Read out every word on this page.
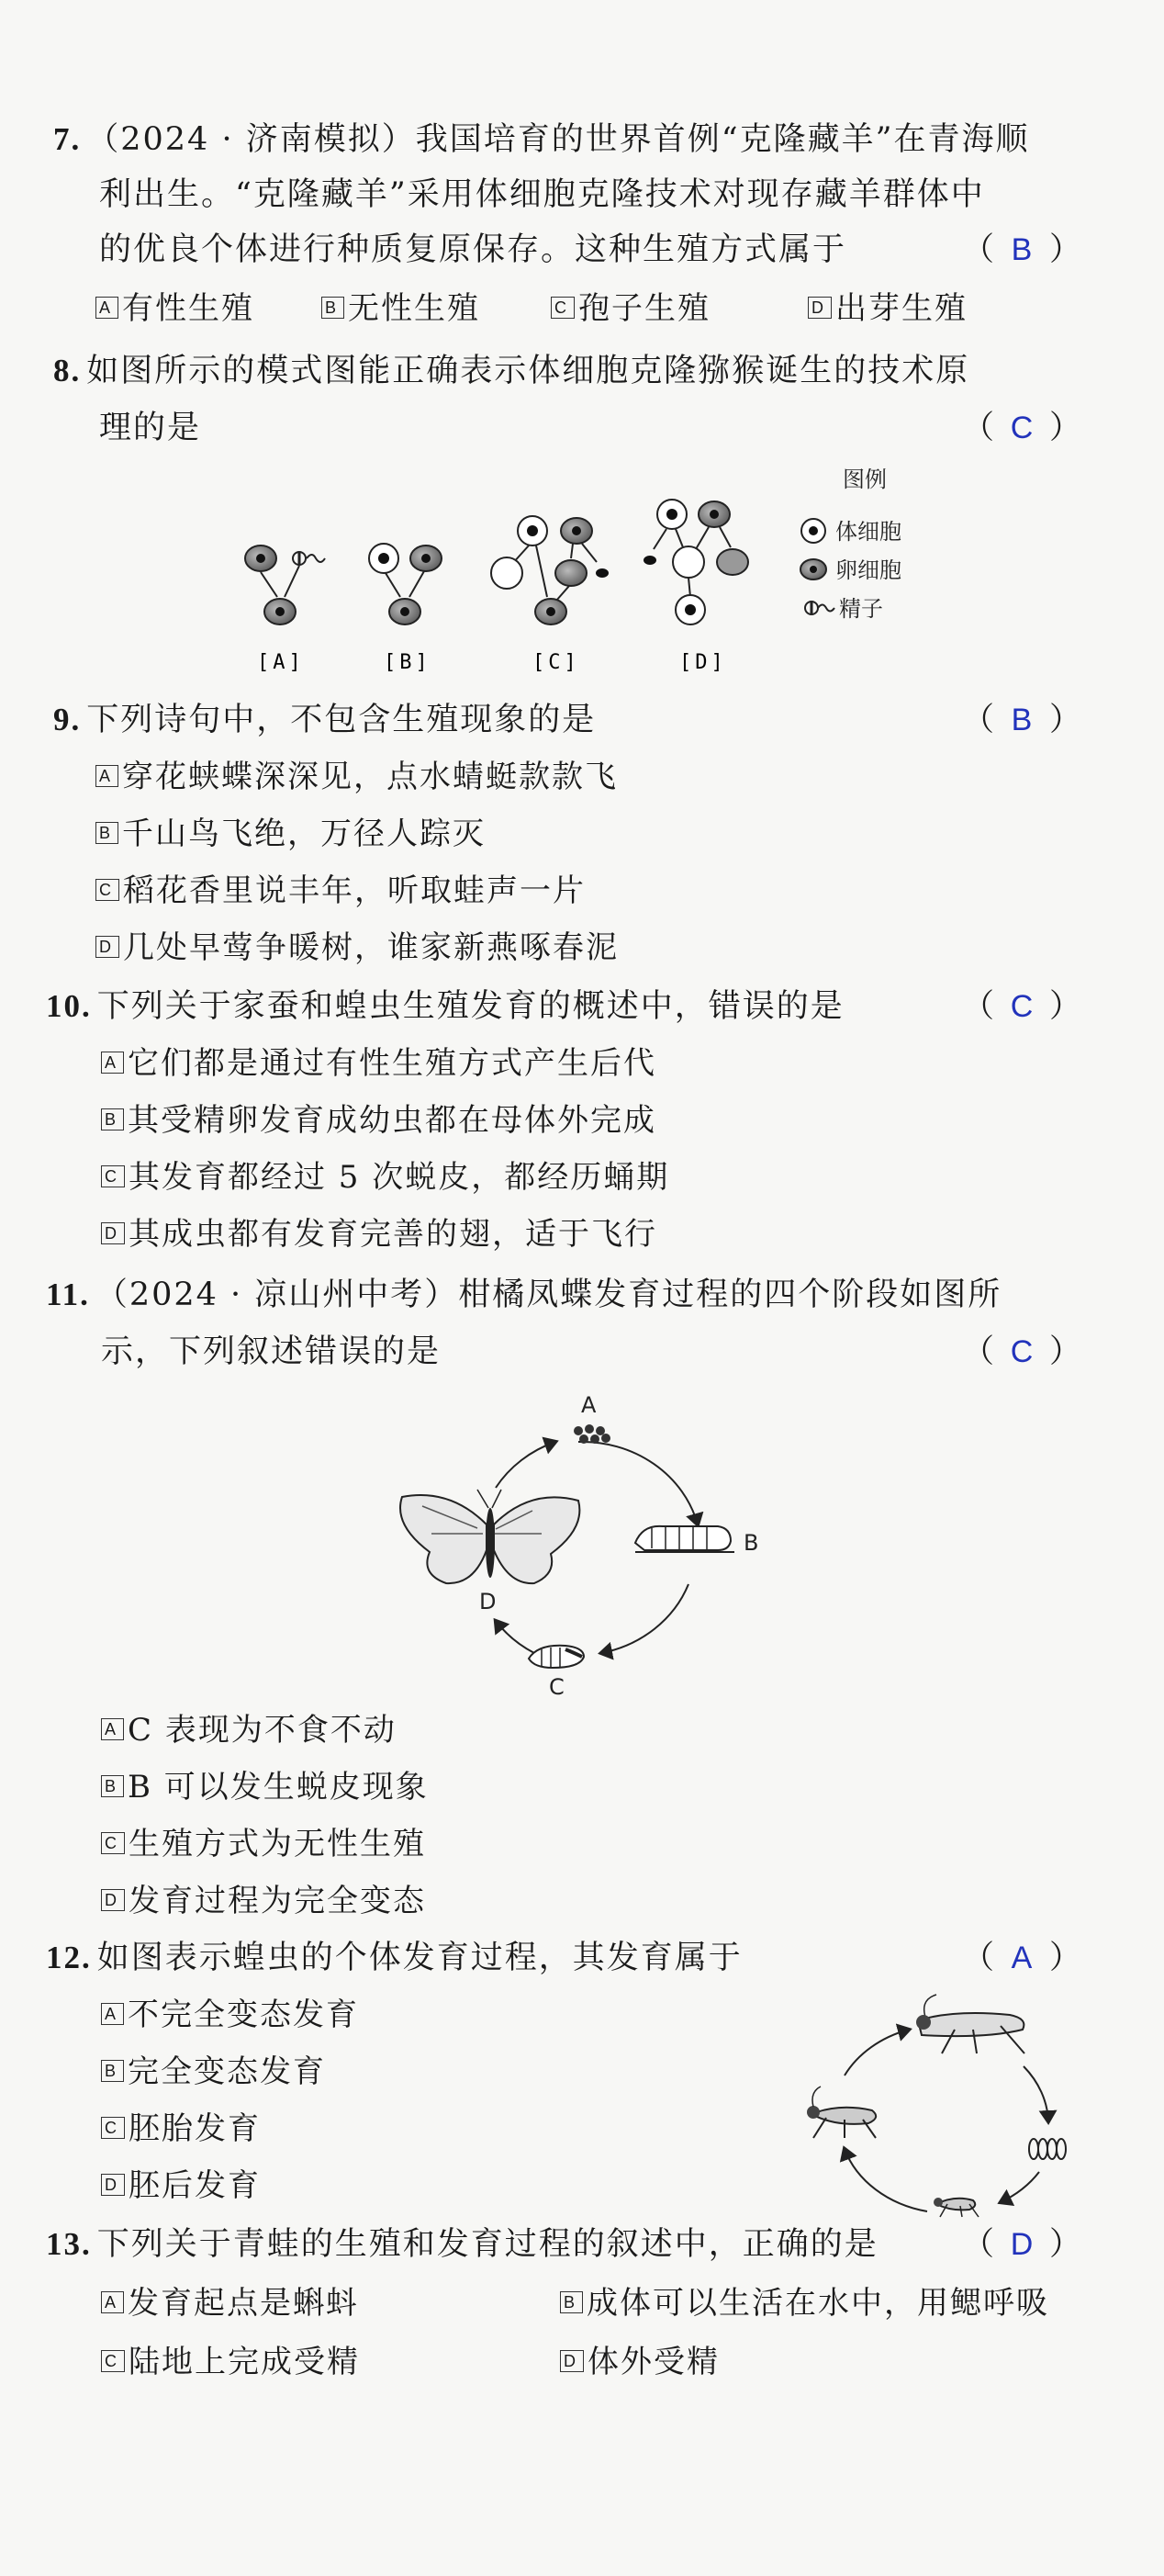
7. （2024 · 济南模拟）我国培育的世界首例“克隆藏羊”在青海顺
利出生。“克隆藏羊”采用体细胞克隆技术对现存藏羊群体中
的优良个体进行种质复原保存。这种生殖方式属于	（ B ）
A 有性生殖	B 无性生殖	C 孢子生殖	D 出芽生殖
8. 如图所示的模式图能正确表示体细胞克隆猕猴诞生的技术原
理的是	（ C ）
图例
体细胞
卵细胞
精子
[A]	[B]	[C]	[D]
9. 下列诗句中，不包含生殖现象的是	（ B ）
A 穿花蛱蝶深深见，点水蜻蜓款款飞
B 千山鸟飞绝，万径人踪灭
C 稻花香里说丰年，听取蛙声一片
D 几处早莺争暖树，谁家新燕啄春泥
10. 下列关于家蚕和蝗虫生殖发育的概述中，错误的是	（ C ）
A 它们都是通过有性生殖方式产生后代
B 其受精卵发育成幼虫都在母体外完成
C 其发育都经过 5 次蜕皮，都经历蛹期
D 其成虫都有发育完善的翅，适于飞行
11. （2024 · 凉山州中考）柑橘凤蝶发育过程的四个阶段如图所
示，下列叙述错误的是	（ C ）
A
B
C
D
A C 表现为不食不动
B B 可以发生蜕皮现象
C 生殖方式为无性生殖
D 发育过程为完全变态
12. 如图表示蝗虫的个体发育过程，其发育属于	（ A ）
A 不完全变态发育
B 完全变态发育
C 胚胎发育
D 胚后发育
13. 下列关于青蛙的生殖和发育过程的叙述中，正确的是	（ D ）
A 发育起点是蝌蚪	B 成体可以生活在水中，用鳃呼吸
C 陆地上完成受精	D 体外受精
